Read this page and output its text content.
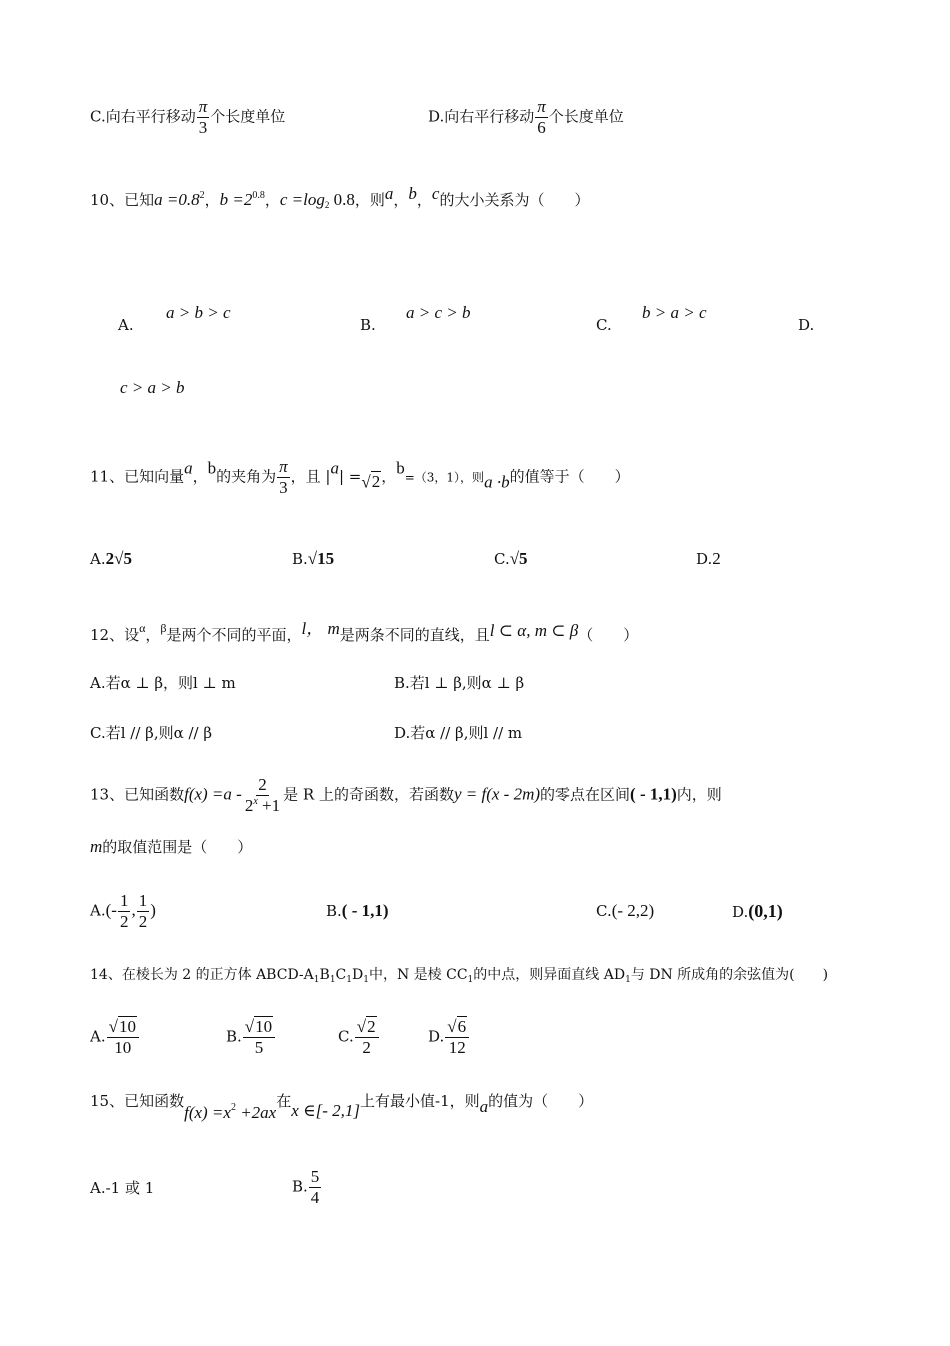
C.向右平行移动 $\frac{\pi}{3}$ 个长度单位	D.向右平行移动 $\frac{\pi}{6}$ 个长度单位
10、已知$a =0.8^2$，$b =2^{0.8}$，$c =\log_2$ 0.8，则a，b，c的大小关系为（　　）
A.
a > b > c
B.
a > c > b
C.
b > a > c
D.
c > a > b
11、已知向量a，b的夹角为 $\frac{\pi}{3}$ ，且 |a| =√2，b=（3，1），则a ·b的值等于（　　）
A.2√5	B.√15	C.√5	D.2
12、设$^\alpha$，$^\beta$是两个不同的平面，l， m是两条不同的直线，且l ⊂ α, m ⊂ β（　　）
A.若α ⊥ β，则l ⊥ m	B.若l ⊥ β,则α ⊥ β
C.若l // β,则α // β	D.若α // β,则l // m
13、已知函数$f(x) =a - \frac{2}{2^x +1}$ 是 R 上的奇函数，若函数y = f(x - 2m)的零点在区间( - 1,1)内，则
m的取值范围是（　　）
$A.(- \frac{1}{2}$ , $\frac{1}{2}$ )	B.( - 1,1)	C.(- 2,2)	D.(0,1)
14、在棱长为 2 的正方体 ABCD-$A_1B_1C_1D_1$中，N 是棱 $CC_1$的中点，则异面直线 $AD_1$与 DN 所成角的余弦值为(　　)
A. $\frac{√10}{10}$	B. $\frac{√10}{5}$	C. $\frac{√2}{2}$	D. $\frac{√6}{12}$
15、已知函数$f(x) =x_2 +2ax$在x ∈[- 2,1]上有最小值-1，则a的值为（　　）
A.-1 或 1	B. $\frac{5}{4}$
